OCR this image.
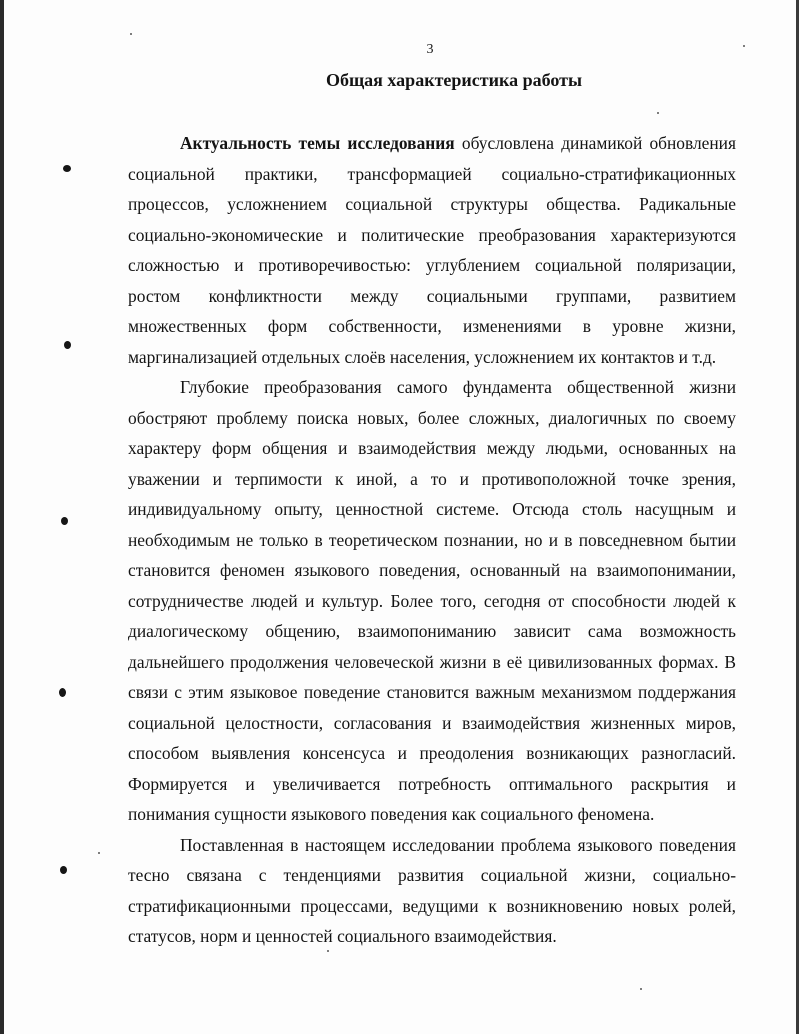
3
Общая характеристика работы

Актуальность темы исследования обусловлена динамикой обновления социальной практики, трансформацией социально-стратификационных процессов, усложнением социальной структуры общества. Радикальные социально-экономические и политические преобразования характеризуются сложностью и противоречивостью: углублением социальной поляризации, ростом конфликтности между социальными группами, развитием множественных форм собственности, изменениями в уровне жизни, маргинализацией отдельных слоёв населения, усложнением их контактов и т.д.

Глубокие преобразования самого фундамента общественной жизни обостряют проблему поиска новых, более сложных, диалогичных по своему характеру форм общения и взаимодействия между людьми, основанных на уважении и терпимости к иной, а то и противоположной точке зрения, индивидуальному опыту, ценностной системе. Отсюда столь насущным и необходимым не только в теоретическом познании, но и в повседневном бытии становится феномен языкового поведения, основанный на взаимопонимании, сотрудничестве людей и культур. Более того, сегодня от способности людей к диалогическому общению, взаимопониманию зависит сама возможность дальнейшего продолжения человеческой жизни в её цивилизованных формах. В связи с этим языковое поведение становится важным механизмом поддержания социальной целостности, согласования и взаимодействия жизненных миров, способом выявления консенсуса и преодоления возникающих разногласий. Формируется и увеличивается потребность оптимального раскрытия и понимания сущности языкового поведения как социального феномена.

Поставленная в настоящем исследовании проблема языкового поведения тесно связана с тенденциями развития социальной жизни, социально-стратификационными процессами, ведущими к возникновению новых ролей, статусов, норм и ценностей социального взаимодействия.
